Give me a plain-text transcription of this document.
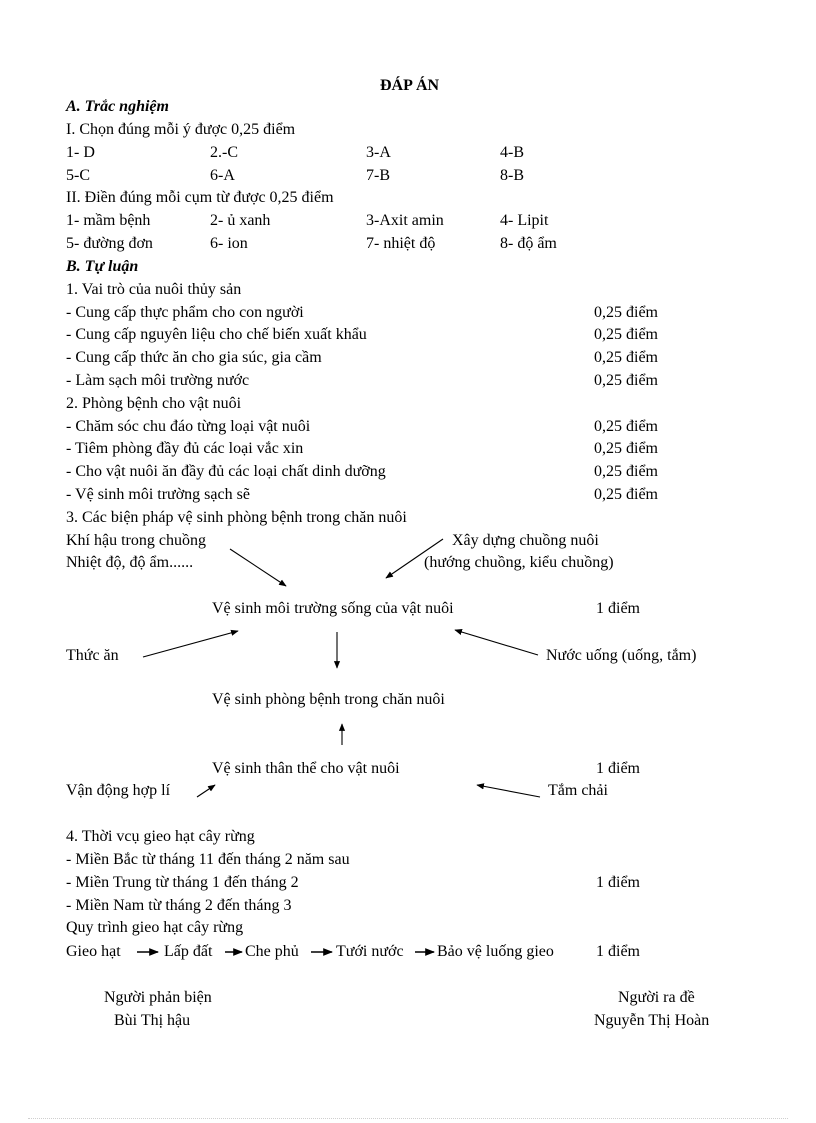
ĐÁP ÁN
A. Trắc nghiệm
I. Chọn đúng mỗi ý được 0,25 điểm
1- D	2.-C	3-A	4-B
5-C	6-A	7-B	8-B
II. Điền đúng mỗi cụm từ được 0,25 điểm
1- mầm bệnh	2- ủ xanh	3-Axit amin	4- Lipit
5- đường đơn	6- ion	7- nhiệt độ	8- độ ẩm
B. Tự luận
1. Vai trò của nuôi thủy sản
- Cung cấp thực phẩm cho con người	0,25 điểm
- Cung cấp nguyên liệu cho chế biến xuất khẩu	0,25 điểm
- Cung cấp thức ăn cho gia súc, gia cầm	0,25 điểm
- Làm sạch môi trường nước	0,25 điểm
2. Phòng bệnh cho vật nuôi
- Chăm sóc chu đáo từng loại vật nuôi	0,25 điểm
- Tiêm phòng đầy đủ các loại vắc xin	0,25 điểm
- Cho vật nuôi ăn đầy đủ các loại chất dinh dưỡng	0,25 điểm
- Vệ sinh môi trường sạch sẽ	0,25 điểm
3. Các biện pháp vệ sinh phòng bệnh trong chăn nuôi
Khí hậu trong chuồng
Nhiệt độ, độ ẩm......
Xây dựng chuồng nuôi
(hướng chuồng, kiểu chuồng)
Vệ sinh môi trường sống của vật nuôi	1 điểm
Thức ăn	Nước uống (uống, tắm)
Vệ sinh phòng bệnh trong chăn nuôi
Vệ sinh thân thể cho vật nuôi	1 điểm
Vận động hợp lí	Tắm chải
4. Thời vcụ gieo hạt cây rừng
- Miền Bắc từ tháng 11 đến tháng 2 năm sau
- Miền Trung từ tháng 1 đến tháng 2	1 điểm
- Miền Nam từ tháng 2 đến tháng 3
Quy trình gieo hạt cây rừng
Gieo hạt	Lấp đất Che phủ Tưới nước Bảo vệ luống gieo	1 điểm
Người phản biện
Bùi Thị hậu
Người ra đề
Nguyễn Thị Hoàn
